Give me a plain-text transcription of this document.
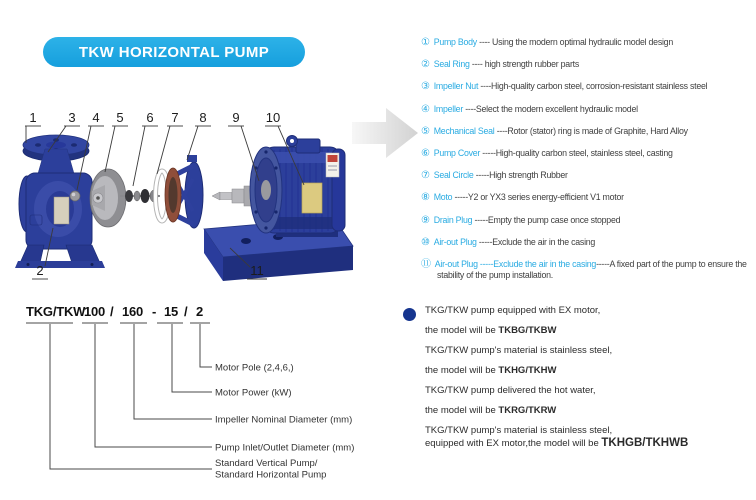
TKW HORIZONTAL PUMP
1 3 4 5 6 7 8 9 10
2	11
① Pump Body ---- Using the modern optimal hydraulic model design
② Seal Ring ---- high strength rubber parts
③ Impeller Nut ----High-quality carbon steel, corrosion-resistant stainless steel
④ Impeller ----Select the modern excellent hydraulic model
⑤ Mechanical Seal ----Rotor (stator) ring is made of Graphite, Hard Alloy
⑥ Pump Cover -----High-quality carbon steel, stainless steel, casting
⑦ Seal Circle -----High strength Rubber
⑧ Moto -----Y2 or YX3 series energy-efficient V1 motor
⑨ Drain Plug -----Empty the pump case once stopped
⑩ Air-out Plug -----Exclude the air in the casing
⑪ Air-out Plug -----Exclude the air in the casing-----A fixed part of the pump to ensure the stability of the pump installation.
TKG/TKW
100 / 160 - 15 / 2
Motor Pole (2,4,6,)
Motor Power (kW)
Impeller Nominal Diameter (mm)
Pump Inlet/Outlet Diameter (mm)
Standard Vertical Pump/
Standard Horizontal Pump
TKG/TKW pump equipped with EX motor,
the model will be TKBG/TKBW
TKG/TKW pump's material is stainless steel,
the model will be TKHG/TKHW
TKG/TKW pump delivered the hot water,
the model will be TKRG/TKRW
TKG/TKW pump's material is stainless steel,
equipped with EX motor,the model will be TKHGB/TKHWB
